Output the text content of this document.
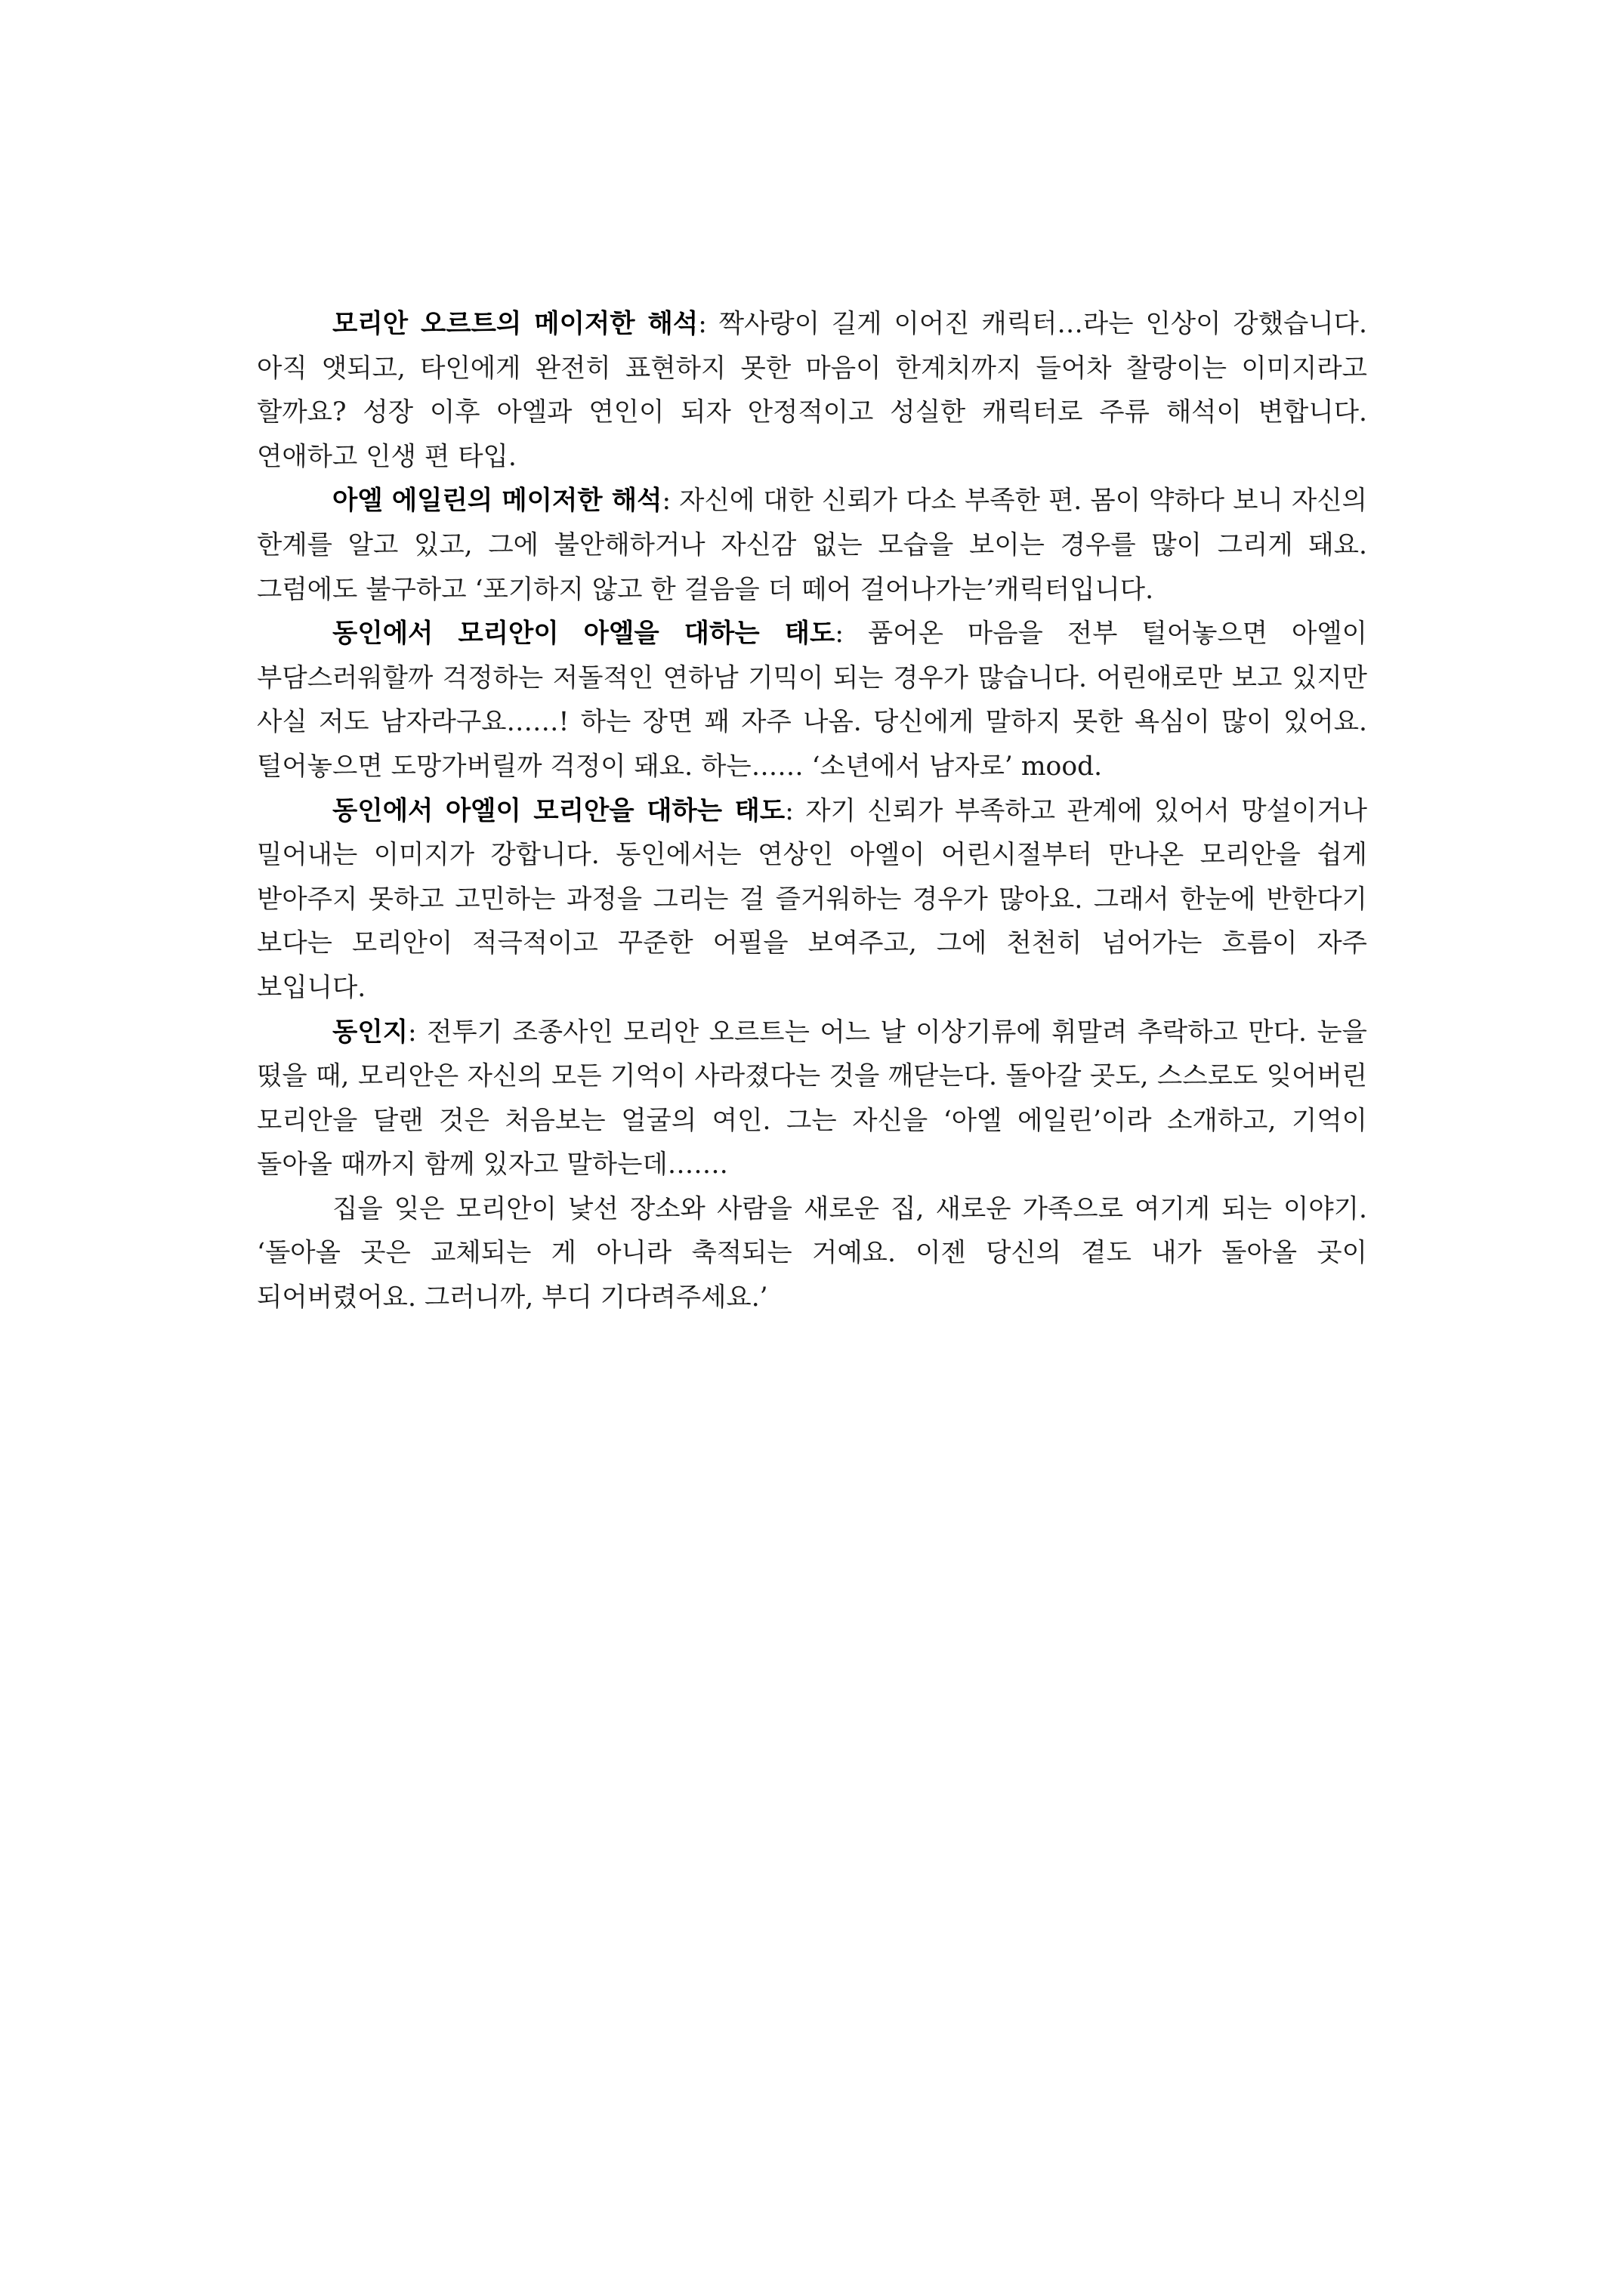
모리안 오르트의 메이저한 해석: 짝사랑이 길게 이어진 캐릭터…라는 인상이 강했습니다. 아직 앳되고, 타인에게 완전히 표현하지 못한 마음이 한계치까지 들어차 찰랑이는 이미지라고 할까요? 성장 이후 아엘과 연인이 되자 안정적이고 성실한 캐릭터로 주류 해석이 변합니다. 연애하고 인생 편 타입.

아엘 에일린의 메이저한 해석: 자신에 대한 신뢰가 다소 부족한 편. 몸이 약하다 보니 자신의 한계를 알고 있고, 그에 불안해하거나 자신감 없는 모습을 보이는 경우를 많이 그리게 돼요. 그럼에도 불구하고 ‘포기하지 않고 한 걸음을 더 떼어 걸어나가는’캐릭터입니다.

동인에서 모리안이 아엘을 대하는 태도: 품어온 마음을 전부 털어놓으면 아엘이 부담스러워할까 걱정하는 저돌적인 연하남 기믹이 되는 경우가 많습니다. 어린애로만 보고 있지만 사실 저도 남자라구요……! 하는 장면 꽤 자주 나옴. 당신에게 말하지 못한 욕심이 많이 있어요. 털어놓으면 도망가버릴까 걱정이 돼요. 하는…… ‘소년에서 남자로’ mood.

동인에서 아엘이 모리안을 대하는 태도: 자기 신뢰가 부족하고 관계에 있어서 망설이거나 밀어내는 이미지가 강합니다. 동인에서는 연상인 아엘이 어린시절부터 만나온 모리안을 쉽게 받아주지 못하고 고민하는 과정을 그리는 걸 즐거워하는 경우가 많아요. 그래서 한눈에 반한다기 보다는 모리안이 적극적이고 꾸준한 어필을 보여주고, 그에 천천히 넘어가는 흐름이 자주 보입니다.

동인지: 전투기 조종사인 모리안 오르트는 어느 날 이상기류에 휘말려 추락하고 만다. 눈을 떴을 때, 모리안은 자신의 모든 기억이 사라졌다는 것을 깨닫는다. 돌아갈 곳도, 스스로도 잊어버린 모리안을 달랜 것은 처음보는 얼굴의 여인. 그는 자신을 ‘아엘 에일린’이라 소개하고, 기억이 돌아올 때까지 함께 있자고 말하는데…….

집을 잊은 모리안이 낯선 장소와 사람을 새로운 집, 새로운 가족으로 여기게 되는 이야기. ‘돌아올 곳은 교체되는 게 아니라 축적되는 거예요. 이젠 당신의 곁도 내가 돌아올 곳이 되어버렸어요. 그러니까, 부디 기다려주세요.’
